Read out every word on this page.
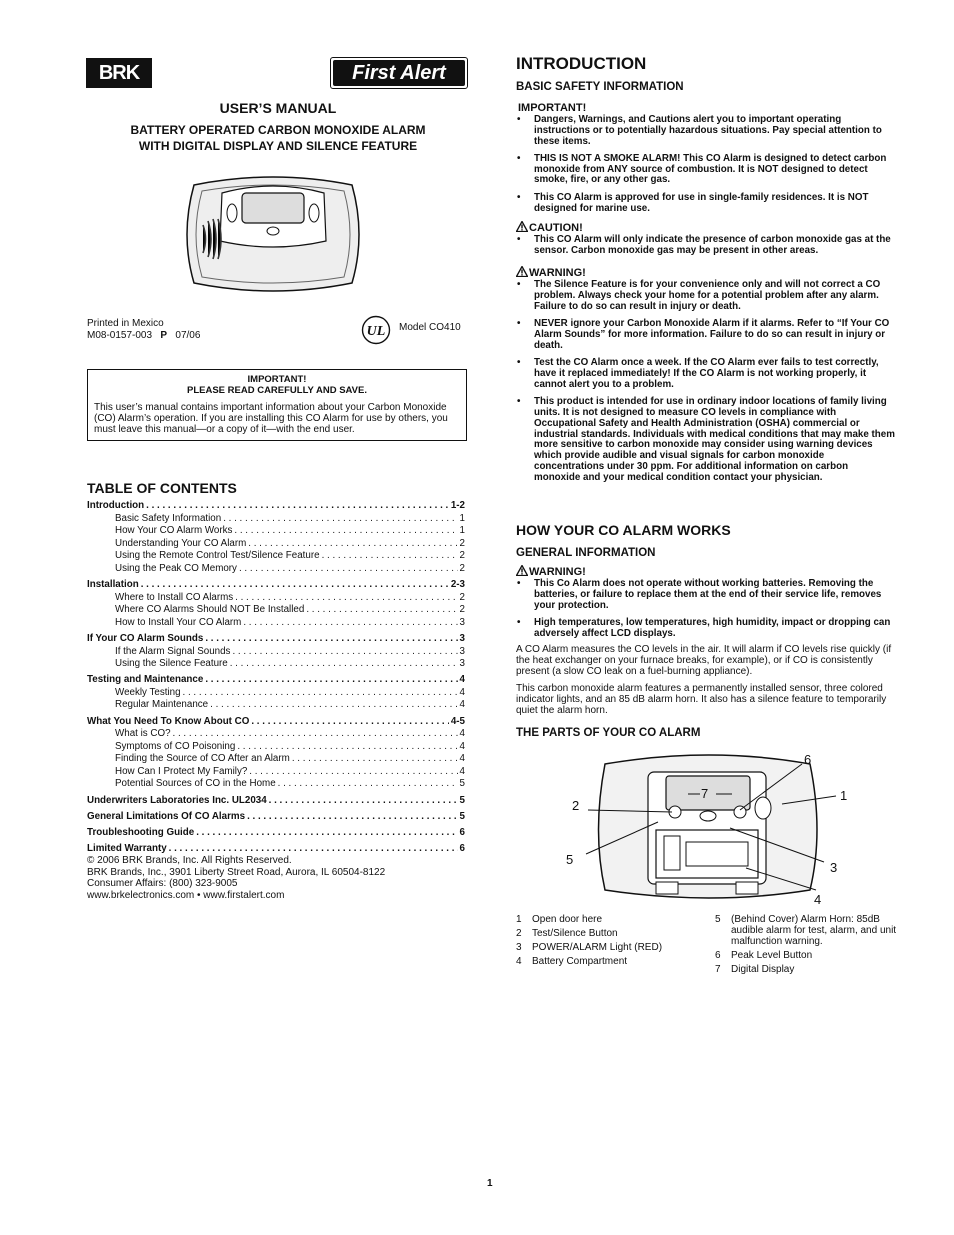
BRK	First Alert
USER’S MANUAL
BATTERY OPERATED CARBON MONOXIDE ALARM
WITH DIGITAL DISPLAY AND SILENCE FEATURE
Printed in Mexico
M08-0157-003 P 07/06	UL Model CO410
IMPORTANT!
PLEASE READ CAREFULLY AND SAVE.
This user’s manual contains important information about your Carbon Monoxide (CO) Alarm’s operation. If you are installing this CO Alarm for use by others, you must leave this manual—or a copy of it—with the end user.
TABLE OF CONTENTS
Introduction . . .	1-2
Basic Safety Information . . .	1
How Your CO Alarm Works . . .	1
Understanding Your CO Alarm . . .	2
Using the Remote Control Test/Silence Feature . . .	2
Using the Peak CO Memory . . .	2
Installation . . .	2-3
Where to Install CO Alarms . . .	2
Where CO Alarms Should NOT Be Installed . . .	2
How to Install Your CO Alarm . . .	3
If Your CO Alarm Sounds . . .	3
If the Alarm Signal Sounds . . .	3
Using the Silence Feature . . .	3
Testing and Maintenance . . .	4
Weekly Testing . . .	4
Regular Maintenance . . .	4
What You Need To Know About CO . . .	4-5
What is CO? . . .	4
Symptoms of CO Poisoning . . .	4
Finding the Source of CO After an Alarm . . .	4
How Can I Protect My Family? . . .	4
Potential Sources of CO in the Home . . .	5
Underwriters Laboratories Inc. UL2034 . . .	5
General Limitations Of CO Alarms . . .	5
Troubleshooting Guide . . .	6
Limited Warranty . . .	6
© 2006 BRK Brands, Inc. All Rights Reserved.
BRK Brands, Inc., 3901 Liberty Street Road, Aurora, IL 60504-8122
Consumer Affairs: (800) 323-9005
www.brkelectronics.com • www.firstalert.com
INTRODUCTION
BASIC SAFETY INFORMATION
IMPORTANT!
• Dangers, Warnings, and Cautions alert you to important operating instructions or to potentially hazardous situations. Pay special attention to these items.
• THIS IS NOT A SMOKE ALARM! This CO Alarm is designed to detect carbon monoxide from ANY source of combustion. It is NOT designed to detect smoke, fire, or any other gas.
• This CO Alarm is approved for use in single-family residences. It is NOT designed for marine use.
CAUTION!
• This CO Alarm will only indicate the presence of carbon monoxide gas at the sensor. Carbon monoxide gas may be present in other areas.
WARNING!
• The Silence Feature is for your convenience only and will not correct a CO problem. Always check your home for a potential problem after any alarm. Failure to do so can result in injury or death.
• NEVER ignore your Carbon Monoxide Alarm if it alarms. Refer to “If Your CO Alarm Sounds” for more information. Failure to do so can result in injury or death.
• Test the CO Alarm once a week. If the CO Alarm ever fails to test correctly, have it replaced immediately! If the CO Alarm is not working properly, it cannot alert you to a problem.
• This product is intended for use in ordinary indoor locations of family living units. It is not designed to measure CO levels in compliance with Occupational Safety and Health Administration (OSHA) commercial or industrial standards. Individuals with medical conditions that may make them more sensitive to carbon monoxide may consider using warning devices which provide audible and visual signals for carbon monoxide concentrations under 30 ppm. For additional information on carbon monoxide and your medical condition contact your physician.
HOW YOUR CO ALARM WORKS
GENERAL INFORMATION
WARNING!
• This Co Alarm does not operate without working batteries. Removing the batteries, or failure to replace them at the end of their service life, removes your protection.
• High temperatures, low temperatures, high humidity, impact or dropping can adversely affect LCD displays.
A CO Alarm measures the CO levels in the air. It will alarm if CO levels rise quickly (if the heat exchanger on your furnace breaks, for example), or if CO is consistently present (a slow CO leak on a fuel-burning appliance).
This carbon monoxide alarm features a permanently installed sensor, three colored indicator lights, and an 85 dB alarm horn. It also has a silence feature to temporarily quiet the alarm horn.
THE PARTS OF YOUR CO ALARM
1
2
3
4
5
6
7
1	Open door here
2	Test/Silence Button
3	POWER/ALARM Light (RED)
4	Battery Compartment
5	(Behind Cover) Alarm Horn: 85dB audible alarm for test, alarm, and unit malfunction warning.
6	Peak Level Button
7	Digital Display
1
